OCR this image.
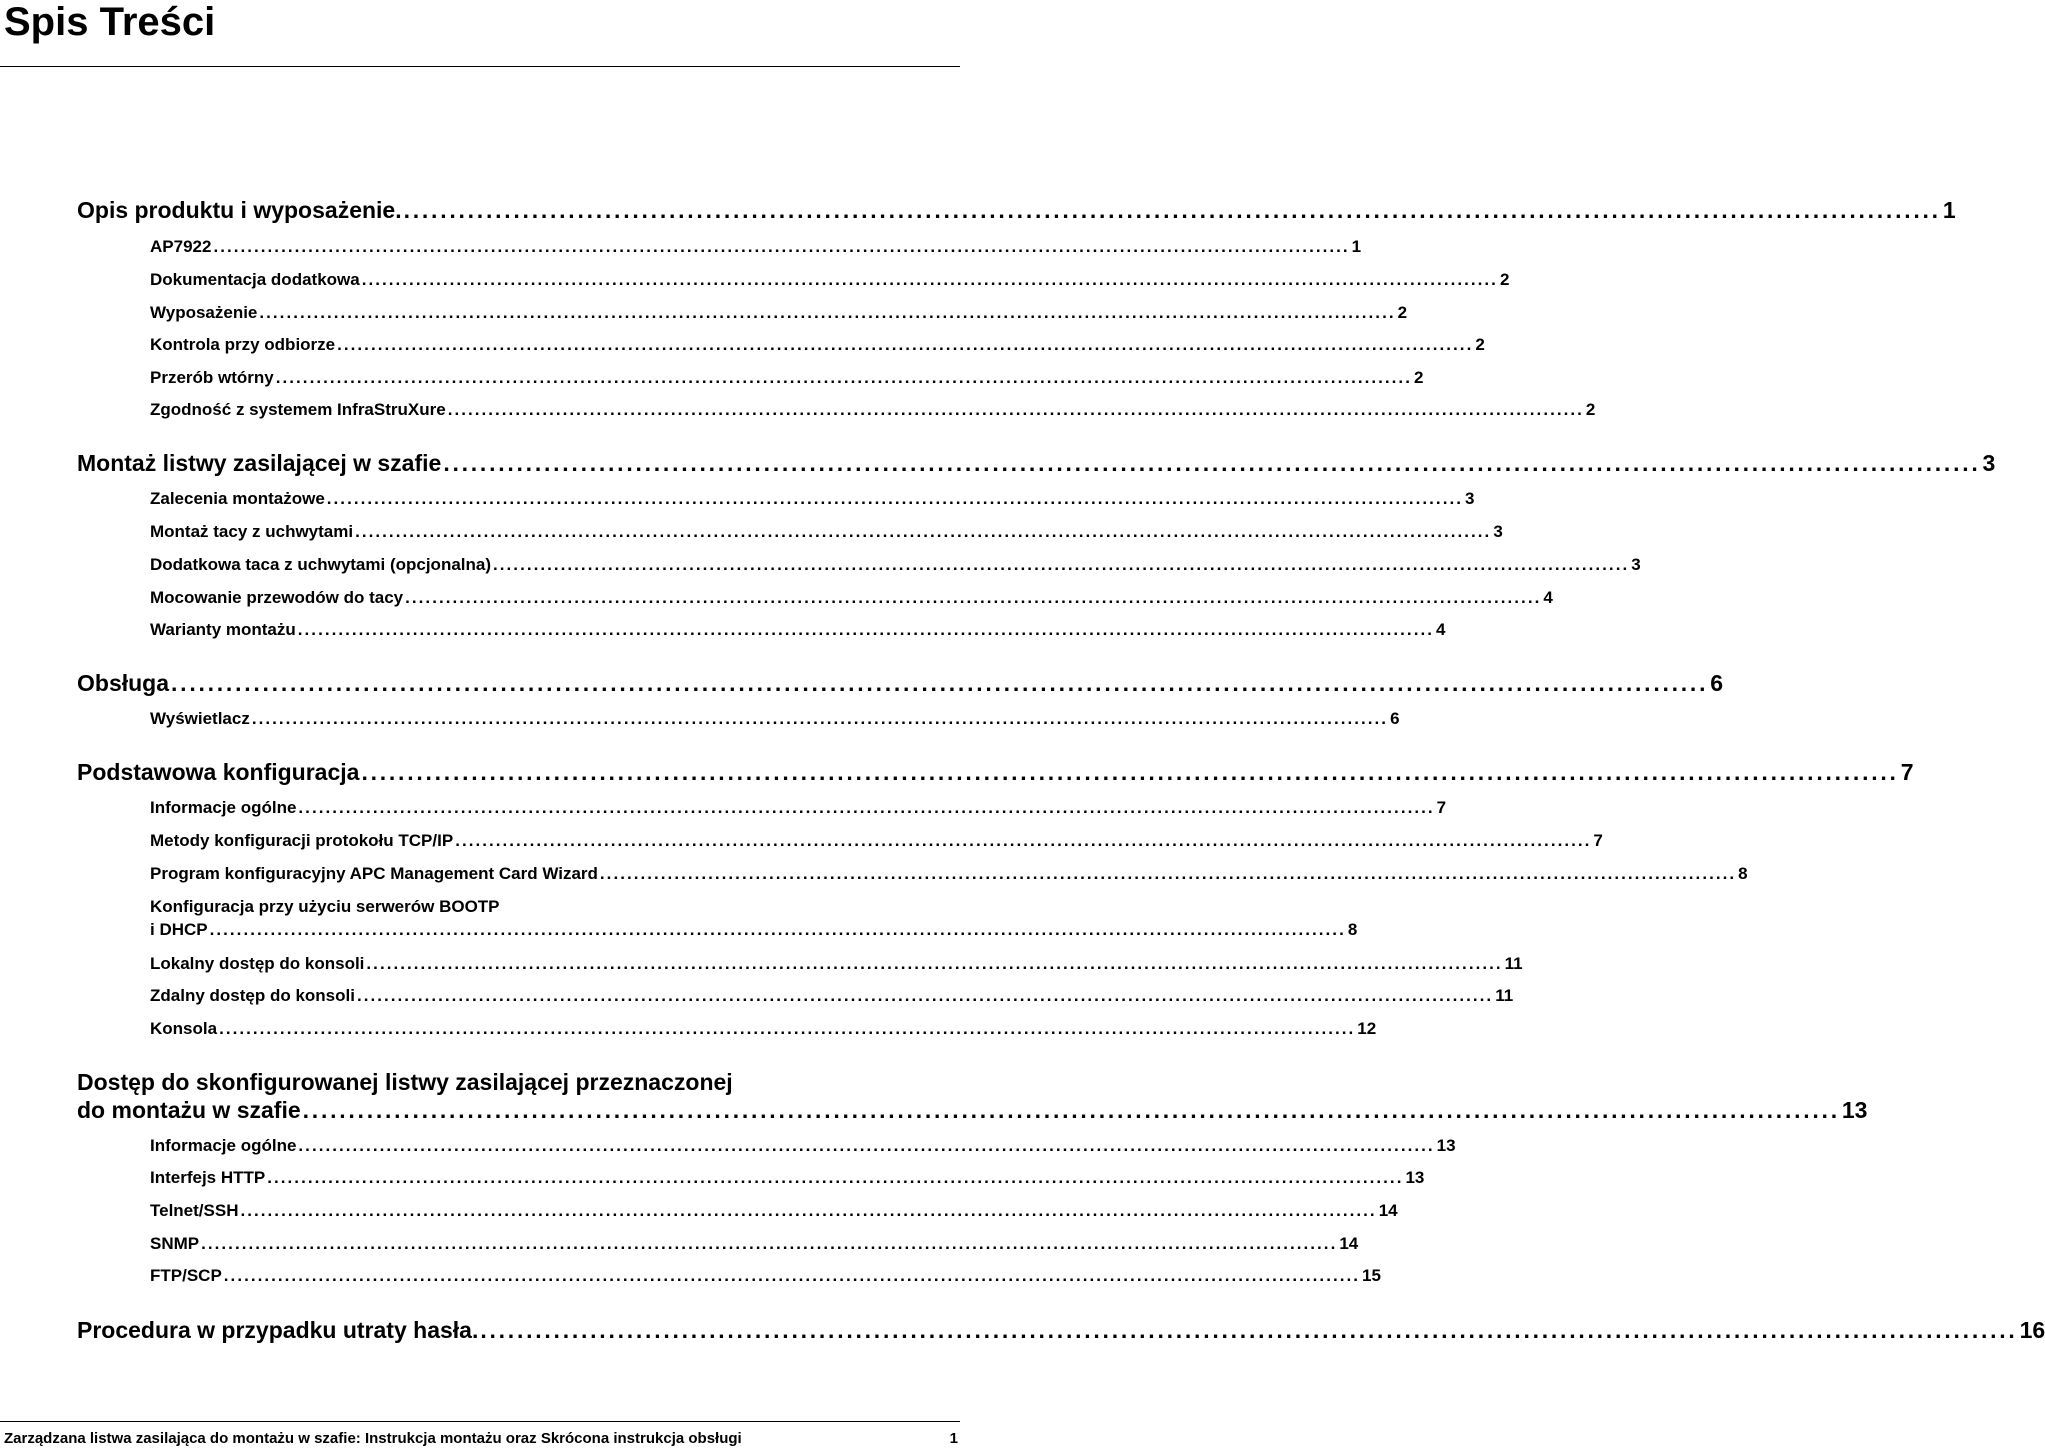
Spis Treści
Opis produktu i wyposażenie. ........................................................................................................................................................................ 1
AP7922 ........................................................................................................................................................................ 1
Dokumentacja dodatkowa ........................................................................................................................................................................ 2
Wyposażenie ........................................................................................................................................................................ 2
Kontrola przy odbiorze ........................................................................................................................................................................ 2
Przerób wtórny ........................................................................................................................................................................ 2
Zgodność z systemem InfraStruXure ........................................................................................................................................................................ 2
Montaż listwy zasilającej w szafie ........................................................................................................................................................................ 3
Zalecenia montażowe ........................................................................................................................................................................ 3
Montaż tacy z uchwytami ........................................................................................................................................................................ 3
Dodatkowa taca z uchwytami (opcjonalna) ........................................................................................................................................................................ 3
Mocowanie przewodów do tacy ........................................................................................................................................................................ 4
Warianty montażu ........................................................................................................................................................................ 4
Obsługa ........................................................................................................................................................................ 6
Wyświetlacz ........................................................................................................................................................................ 6
Podstawowa konfiguracja ........................................................................................................................................................................ 7
Informacje ogólne ........................................................................................................................................................................ 7
Metody konfiguracji protokołu TCP/IP ........................................................................................................................................................................ 7
Program konfiguracyjny APC Management Card Wizard ........................................................................................................................................................................ 8
Konfiguracja przy użyciu serwerów BOOTP
i DHCP ........................................................................................................................................................................ 8
Lokalny dostęp do konsoli ........................................................................................................................................................................ 11
Zdalny dostęp do konsoli ........................................................................................................................................................................ 11
Konsola ........................................................................................................................................................................ 12
Dostęp do skonfigurowanej listwy zasilającej przeznaczonej
do montażu w szafie ........................................................................................................................................................................ 13
Informacje ogólne ........................................................................................................................................................................ 13
Interfejs HTTP ........................................................................................................................................................................ 13
Telnet/SSH ........................................................................................................................................................................ 14
SNMP ........................................................................................................................................................................ 14
FTP/SCP ........................................................................................................................................................................ 15
Procedura w przypadku utraty hasła. ........................................................................................................................................................................ 16
Zarządzana listwa zasilająca do montażu w szafie: Instrukcja montażu oraz Skrócona instrukcja obsługi	1
